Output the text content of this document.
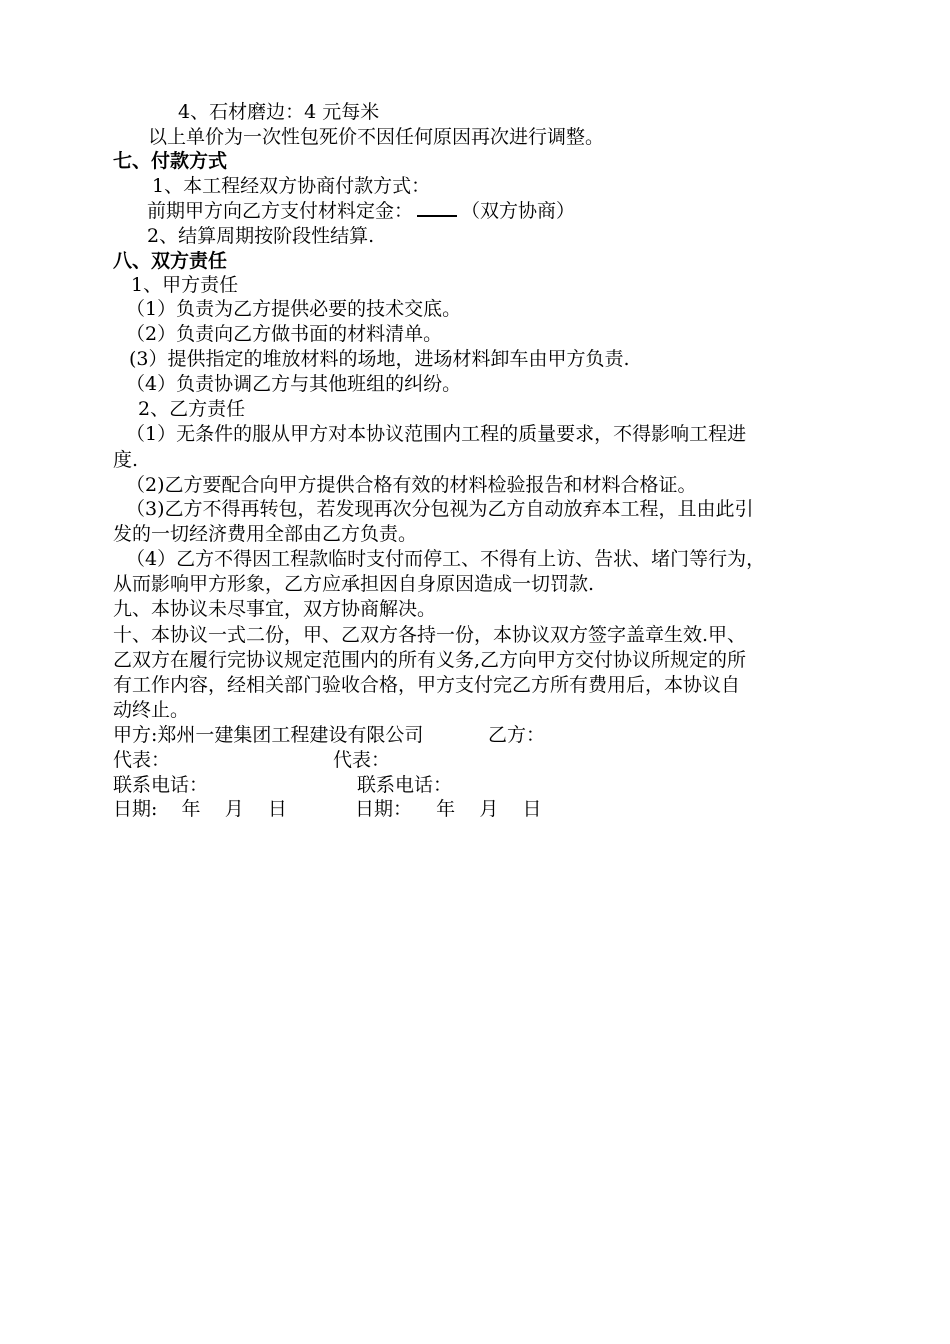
4、石材磨边：4 元每米
以上单价为一次性包死价不因任何原因再次进行调整。
七、付款方式
1、本工程经双方协商付款方式：
前期甲方向乙方支付材料定金：	（双方协商）
2、结算周期按阶段性结算.
八、双方责任
1、甲方责任
（1）负责为乙方提供必要的技术交底。
（2）负责向乙方做书面的材料清单。
(3）提供指定的堆放材料的场地，进场材料卸车由甲方负责.
（4）负责协调乙方与其他班组的纠纷。
2、乙方责任
（1）无条件的服从甲方对本协议范围内工程的质量要求，不得影响工程进
度.
（2)乙方要配合向甲方提供合格有效的材料检验报告和材料合格证。
（3)乙方不得再转包，若发现再次分包视为乙方自动放弃本工程，且由此引
发的一切经济费用全部由乙方负责。
（4）乙方不得因工程款临时支付而停工、不得有上访、告状、堵门等行为，
从而影响甲方形象，乙方应承担因自身原因造成一切罚款.
九、本协议未尽事宜，双方协商解决。
十、本协议一式二份，甲、乙双方各持一份，本协议双方签字盖章生效.甲、
乙双方在履行完协议规定范围内的所有义务,乙方向甲方交付协议所规定的所
有工作内容，经相关部门验收合格，甲方支付完乙方所有费用后，本协议自
动终止。
甲方:郑州一建集团工程建设有限公司	乙方：
代表：	代表：
联系电话：	联系电话：
日期:    年    月    日	日期：    年    月    日
